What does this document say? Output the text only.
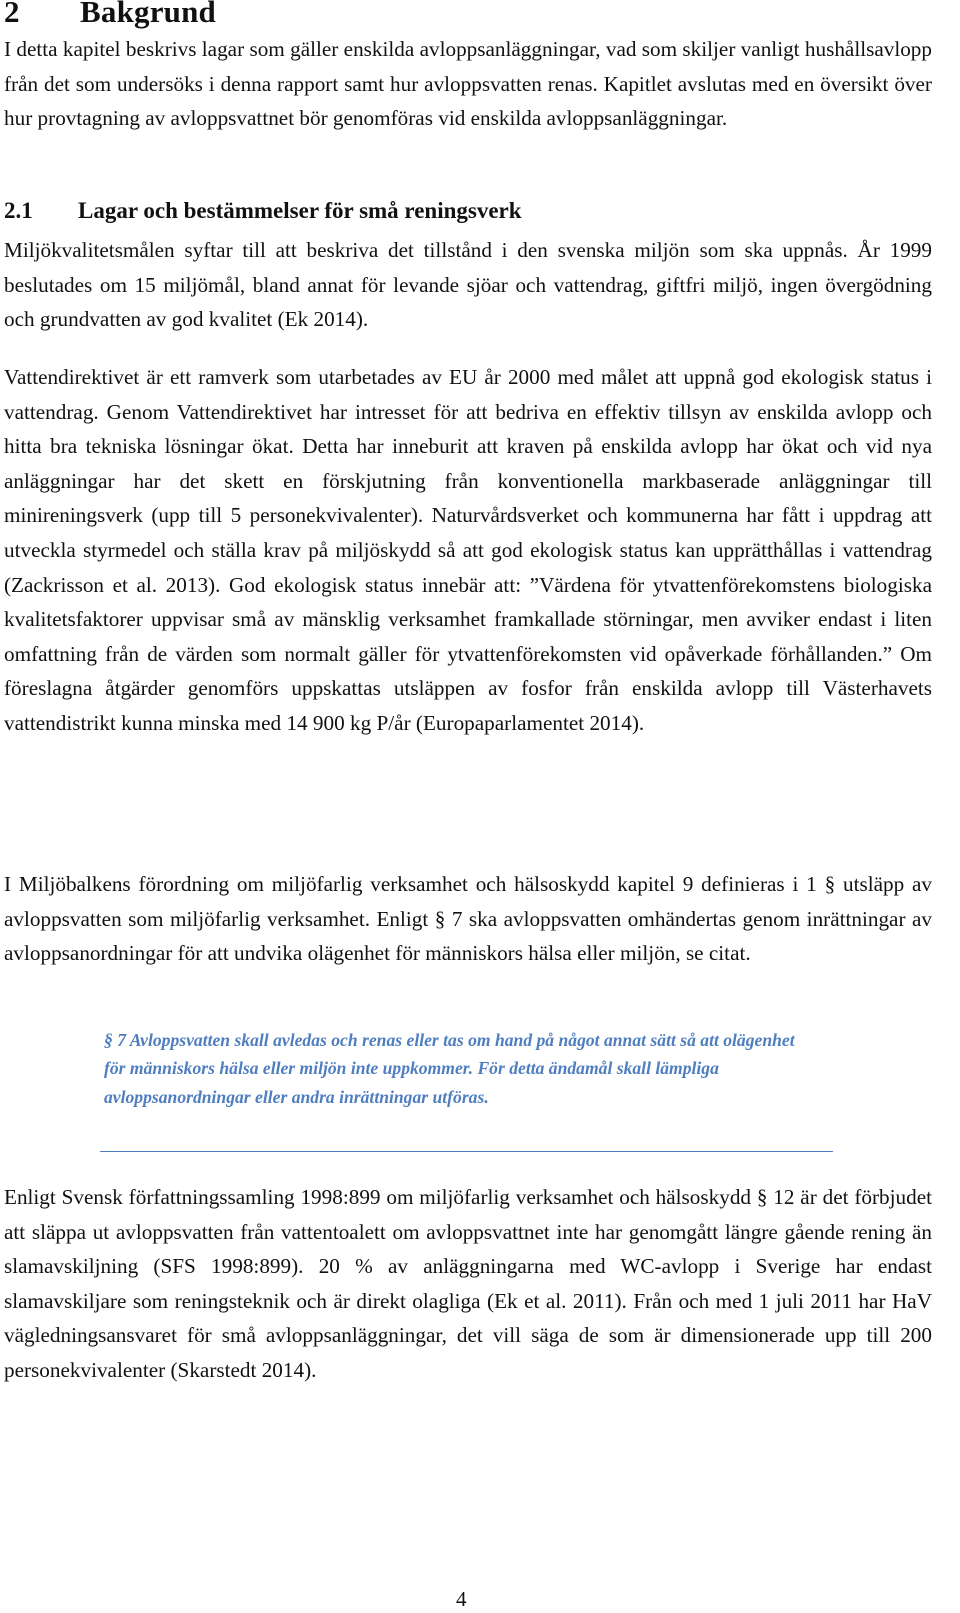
2 Bakgrund

I detta kapitel beskrivs lagar som gäller enskilda avloppsanläggningar, vad som skiljer vanligt hushållsavlopp från det som undersöks i denna rapport samt hur avloppsvatten renas. Kapitlet avslutas med en översikt över hur provtagning av avloppsvattnet bör genomföras vid enskilda avloppsanläggningar.

2.1 Lagar och bestämmelser för små reningsverk

Miljökvalitetsmålen syftar till att beskriva det tillstånd i den svenska miljön som ska uppnås. År 1999 beslutades om 15 miljömål, bland annat för levande sjöar och vattendrag, giftfri miljö, ingen övergödning och grundvatten av god kvalitet (Ek 2014).

Vattendirektivet är ett ramverk som utarbetades av EU år 2000 med målet att uppnå god ekologisk status i vattendrag. Genom Vattendirektivet har intresset för att bedriva en effektiv tillsyn av enskilda avlopp och hitta bra tekniska lösningar ökat. Detta har inneburit att kraven på enskilda avlopp har ökat och vid nya anläggningar har det skett en förskjutning från konventionella markbaserade anläggningar till minireningsverk (upp till 5 personekvivalenter). Naturvårdsverket och kommunerna har fått i uppdrag att utveckla styrmedel och ställa krav på miljöskydd så att god ekologisk status kan upprätthållas i vattendrag (Zackrisson et al. 2013). God ekologisk status innebär att: ”Värdena för ytvattenförekomstens biologiska kvalitetsfaktorer uppvisar små av mänsklig verksamhet framkallade störningar, men avviker endast i liten omfattning från de värden som normalt gäller för ytvattenförekomsten vid opåverkade förhållanden.” Om föreslagna åtgärder genomförs uppskattas utsläppen av fosfor från enskilda avlopp till Västerhavets vattendistrikt kunna minska med 14 900 kg P/år (Europaparlamentet 2014).

I Miljöbalkens förordning om miljöfarlig verksamhet och hälsoskydd kapitel 9 definieras i 1 § utsläpp av avloppsvatten som miljöfarlig verksamhet. Enligt § 7 ska avloppsvatten omhändertas genom inrättningar av avloppsanordningar för att undvika olägenhet för människors hälsa eller miljön, se citat.

§ 7 Avloppsvatten skall avledas och renas eller tas om hand på något annat sätt så att olägenhet för människors hälsa eller miljön inte uppkommer. För detta ändamål skall lämpliga avloppsanordningar eller andra inrättningar utföras.

Enligt Svensk författningssamling 1998:899 om miljöfarlig verksamhet och hälsoskydd § 12 är det förbjudet att släppa ut avloppsvatten från vattentoalett om avloppsvattnet inte har genomgått längre gående rening än slamavskiljning (SFS 1998:899). 20 % av anläggningarna med WC-avlopp i Sverige har endast slamavskiljare som reningsteknik och är direkt olagliga (Ek et al. 2011). Från och med 1 juli 2011 har HaV vägledningsansvaret för små avloppsanläggningar, det vill säga de som är dimensionerade upp till 200 personekvivalenter (Skarstedt 2014).

4
